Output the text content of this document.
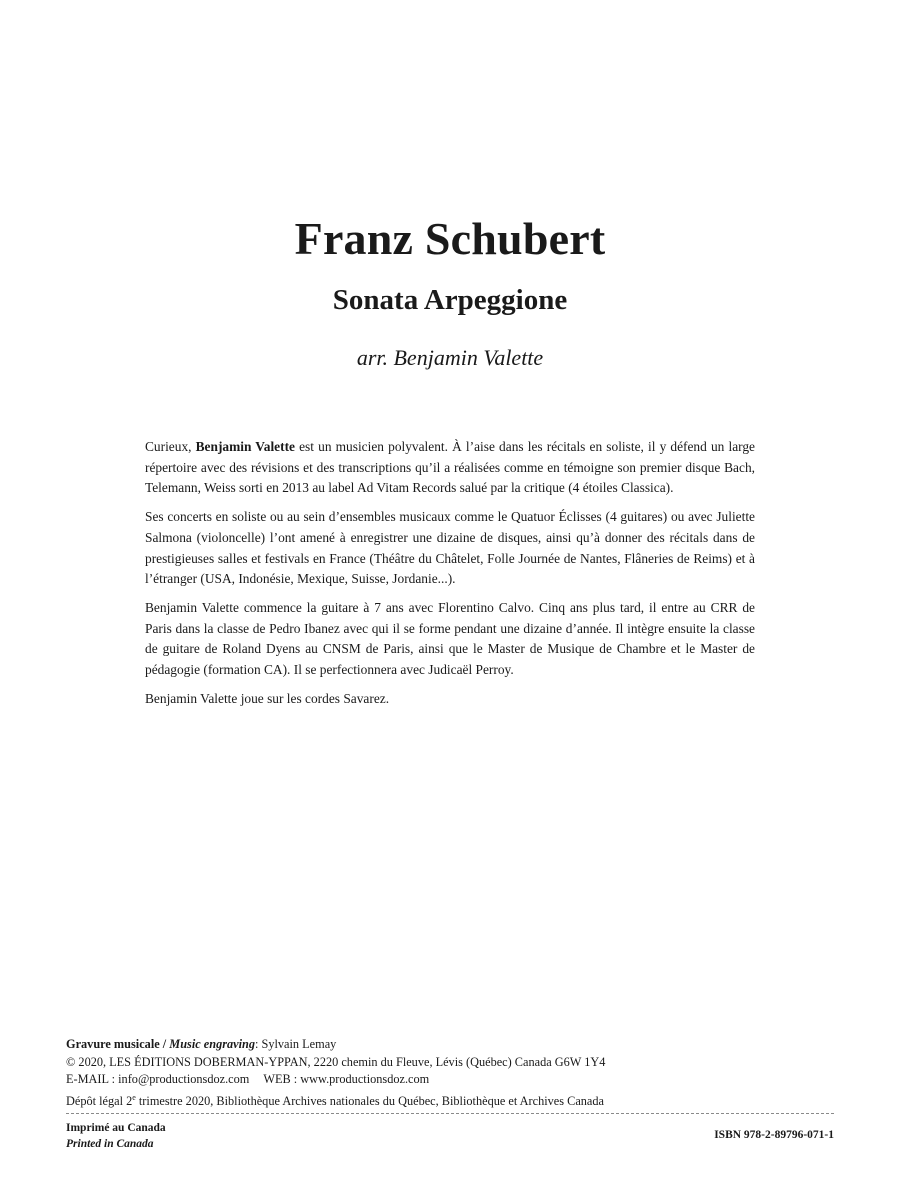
Franz Schubert
Sonata Arpeggione
arr. Benjamin Valette

Curieux, Benjamin Valette est un musicien polyvalent. À l’aise dans les récitals en soliste, il y défend un large répertoire avec des révisions et des transcriptions qu’il a réalisées comme en témoigne son premier disque Bach, Telemann, Weiss sorti en 2013 au label Ad Vitam Records salué par la critique (4 étoiles Classica).

Ses concerts en soliste ou au sein d’ensembles musicaux comme le Quatuor Éclisses (4 guitares) ou avec Juliette Salmona (violoncelle) l’ont amené à enregistrer une dizaine de disques, ainsi qu’à donner des récitals dans de prestigieuses salles et festivals en France (Théâtre du Châtelet, Folle Journée de Nantes, Flâneries de Reims) et à l’étranger (USA, Indonésie, Mexique, Suisse, Jordanie...).

Benjamin Valette commence la guitare à 7 ans avec Florentino Calvo. Cinq ans plus tard, il entre au CRR de Paris dans la classe de Pedro Ibanez avec qui il se forme pendant une dizaine d’année. Il intègre ensuite la classe de guitare de Roland Dyens au CNSM de Paris, ainsi que le Master de Musique de Chambre et le Master de pédagogie (formation CA). Il se perfectionnera avec Judicaël Perroy.

Benjamin Valette joue sur les cordes Savarez.

Gravure musicale / Music engraving: Sylvain Lemay
© 2020, LES ÉDITIONS DOBERMAN-YPPAN, 2220 chemin du Fleuve, Lévis (Québec) Canada G6W 1Y4
E-MAIL : info@productionsdoz.com WEB : www.productionsdoz.com
Dépôt légal 2e trimestre 2020, Bibliothèque Archives nationales du Québec, Bibliothèque et Archives Canada
Imprimé au Canada
Printed in Canada
ISBN 978-2-89796-071-1
